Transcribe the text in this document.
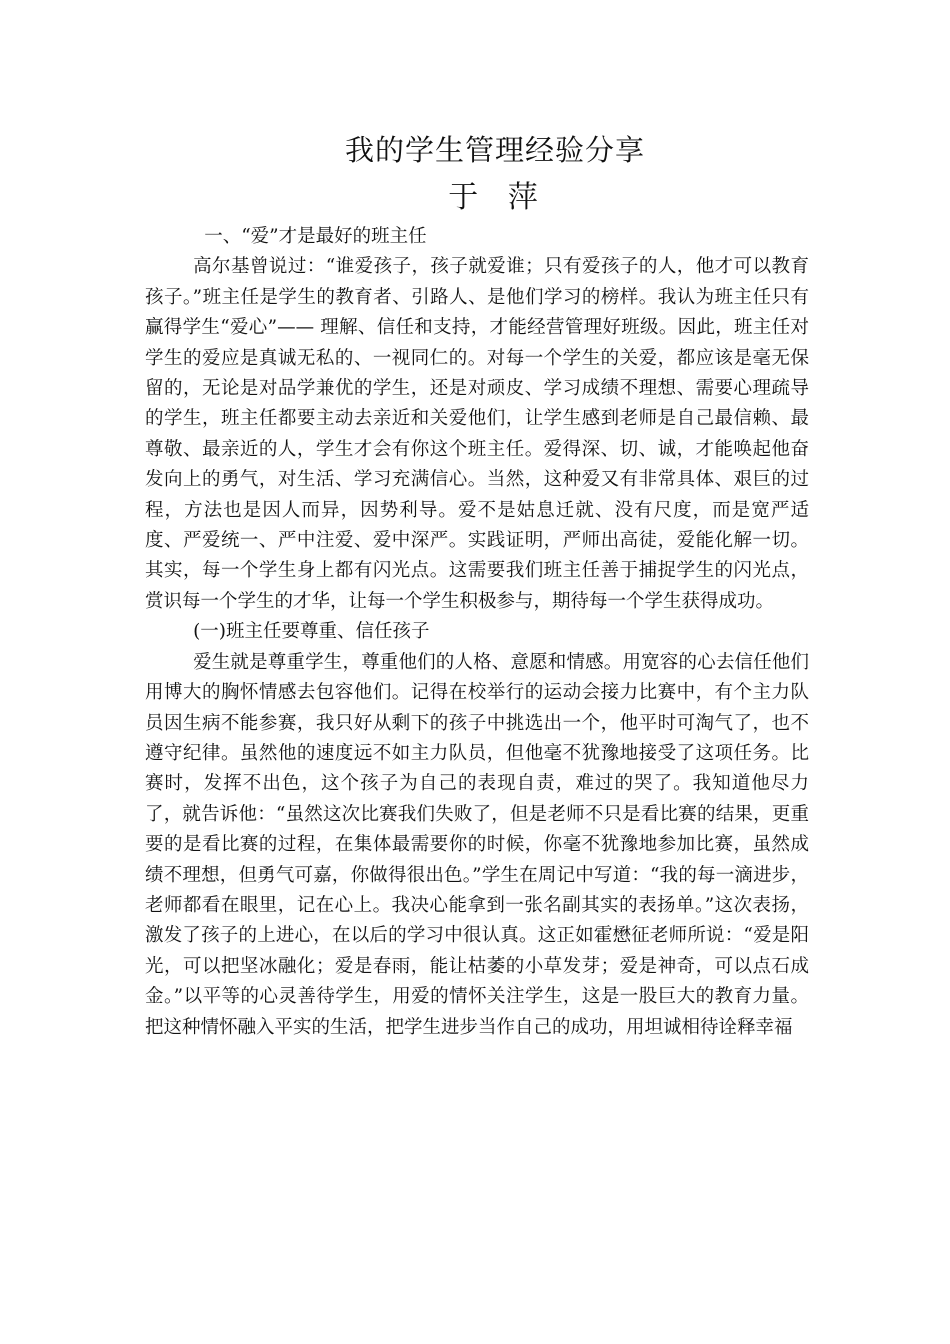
我的学生管理经验分享
于 萍

一、“爱”才是最好的班主任

高尔基曾说过：“谁爱孩子，孩子就爱谁；只有爱孩子的人，他才可以教育孩子。”班主任是学生的教育者、引路人、是他们学习的榜样。我认为班主任只有赢得学生“爱心”—— 理解、信任和支持，才能经营管理好班级。因此，班主任对学生的爱应是真诚无私的、一视同仁的。对每一个学生的关爱，都应该是毫无保留的，无论是对品学兼优的学生，还是对顽皮、学习成绩不理想、需要心理疏导的学生，班主任都要主动去亲近和关爱他们，让学生感到老师是自己最信赖、最尊敬、最亲近的人，学生才会有你这个班主任。爱得深、切、诚，才能唤起他奋发向上的勇气，对生活、学习充满信心。当然，这种爱又有非常具体、艰巨的过程，方法也是因人而异，因势利导。爱不是姑息迁就、没有尺度，而是宽严适度、严爱统一、严中注爱、爱中深严。实践证明，严师出高徒，爱能化解一切。其实，每一个学生身上都有闪光点。这需要我们班主任善于捕捉学生的闪光点，赏识每一个学生的才华，让每一个学生积极参与，期待每一个学生获得成功。

(一)班主任要尊重、信任孩子

爱生就是尊重学生，尊重他们的人格、意愿和情感。用宽容的心去信任他们用博大的胸怀情感去包容他们。记得在校举行的运动会接力比赛中，有个主力队员因生病不能参赛，我只好从剩下的孩子中挑选出一个，他平时可淘气了，也不遵守纪律。虽然他的速度远不如主力队员，但他毫不犹豫地接受了这项任务。比赛时，发挥不出色，这个孩子为自己的表现自责，难过的哭了。我知道他尽力了，就告诉他：“虽然这次比赛我们失败了，但是老师不只是看比赛的结果，更重要的是看比赛的过程，在集体最需要你的时候，你毫不犹豫地参加比赛，虽然成绩不理想，但勇气可嘉，你做得很出色。”学生在周记中写道：“我的每一滴进步，老师都看在眼里，记在心上。我决心能拿到一张名副其实的表扬单。”这次表扬，激发了孩子的上进心，在以后的学习中很认真。这正如霍懋征老师所说：“爱是阳光，可以把坚冰融化；爱是春雨，能让枯萎的小草发芽；爱是神奇，可以点石成金。”以平等的心灵善待学生，用爱的情怀关注学生，这是一股巨大的教育力量。把这种情怀融入平实的生活，把学生进步当作自己的成功，用坦诚相待诠释幸福
